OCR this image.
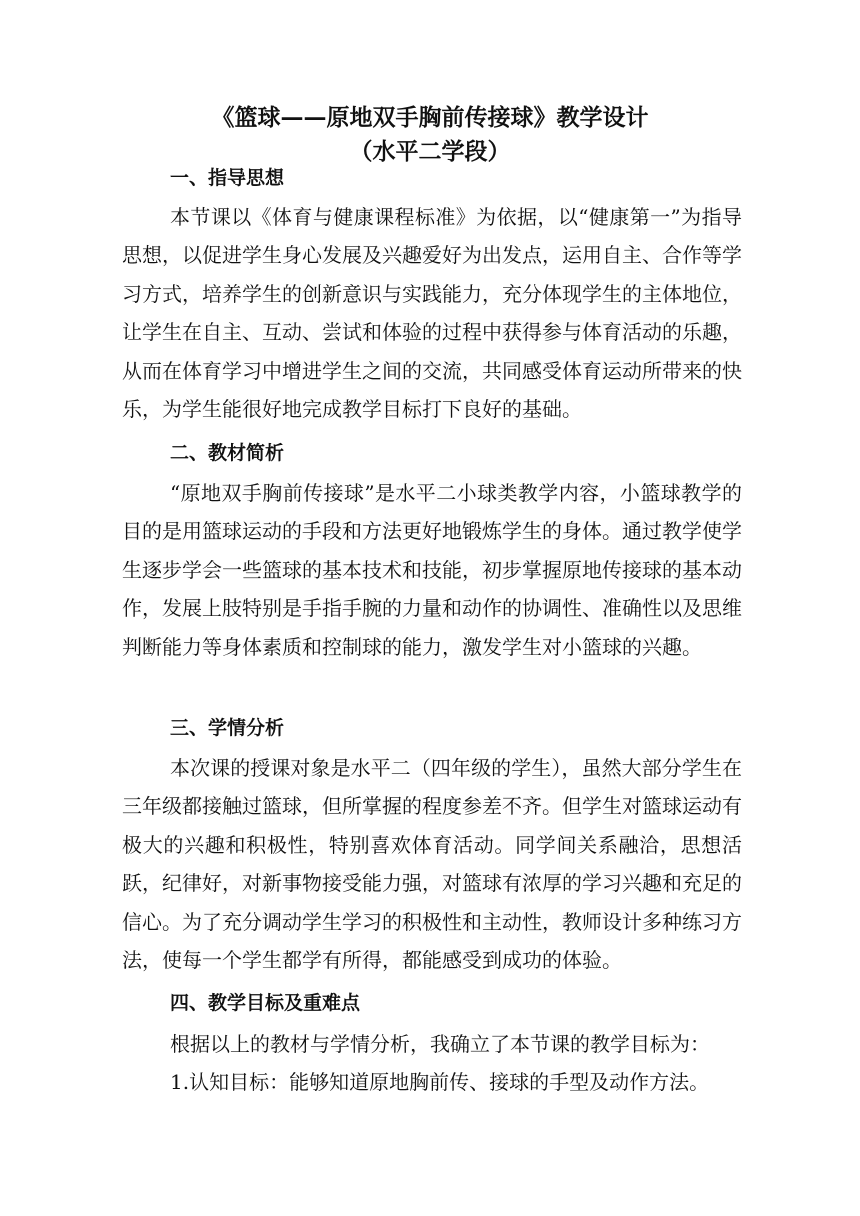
《篮球——原地双手胸前传接球》教学设计
（水平二学段）
一、指导思想
本节课以《体育与健康课程标准》为依据，以“健康第一”为指导思想，以促进学生身心发展及兴趣爱好为出发点，运用自主、合作等学习方式，培养学生的创新意识与实践能力，充分体现学生的主体地位，让学生在自主、互动、尝试和体验的过程中获得参与体育活动的乐趣，从而在体育学习中增进学生之间的交流，共同感受体育运动所带来的快乐，为学生能很好地完成教学目标打下良好的基础。
二、教材简析
“原地双手胸前传接球”是水平二小球类教学内容，小篮球教学的目的是用篮球运动的手段和方法更好地锻炼学生的身体。通过教学使学生逐步学会一些篮球的基本技术和技能，初步掌握原地传接球的基本动作，发展上肢特别是手指手腕的力量和动作的协调性、准确性以及思维判断能力等身体素质和控制球的能力，激发学生对小篮球的兴趣。
三、学情分析
本次课的授课对象是水平二（四年级的学生），虽然大部分学生在三年级都接触过篮球，但所掌握的程度参差不齐。但学生对篮球运动有极大的兴趣和积极性，特别喜欢体育活动。同学间关系融洽，思想活跃，纪律好，对新事物接受能力强，对篮球有浓厚的学习兴趣和充足的信心。为了充分调动学生学习的积极性和主动性，教师设计多种练习方法，使每一个学生都学有所得，都能感受到成功的体验。
四、教学目标及重难点
根据以上的教材与学情分析，我确立了本节课的教学目标为：
1.认知目标：能够知道原地胸前传、接球的手型及动作方法。
